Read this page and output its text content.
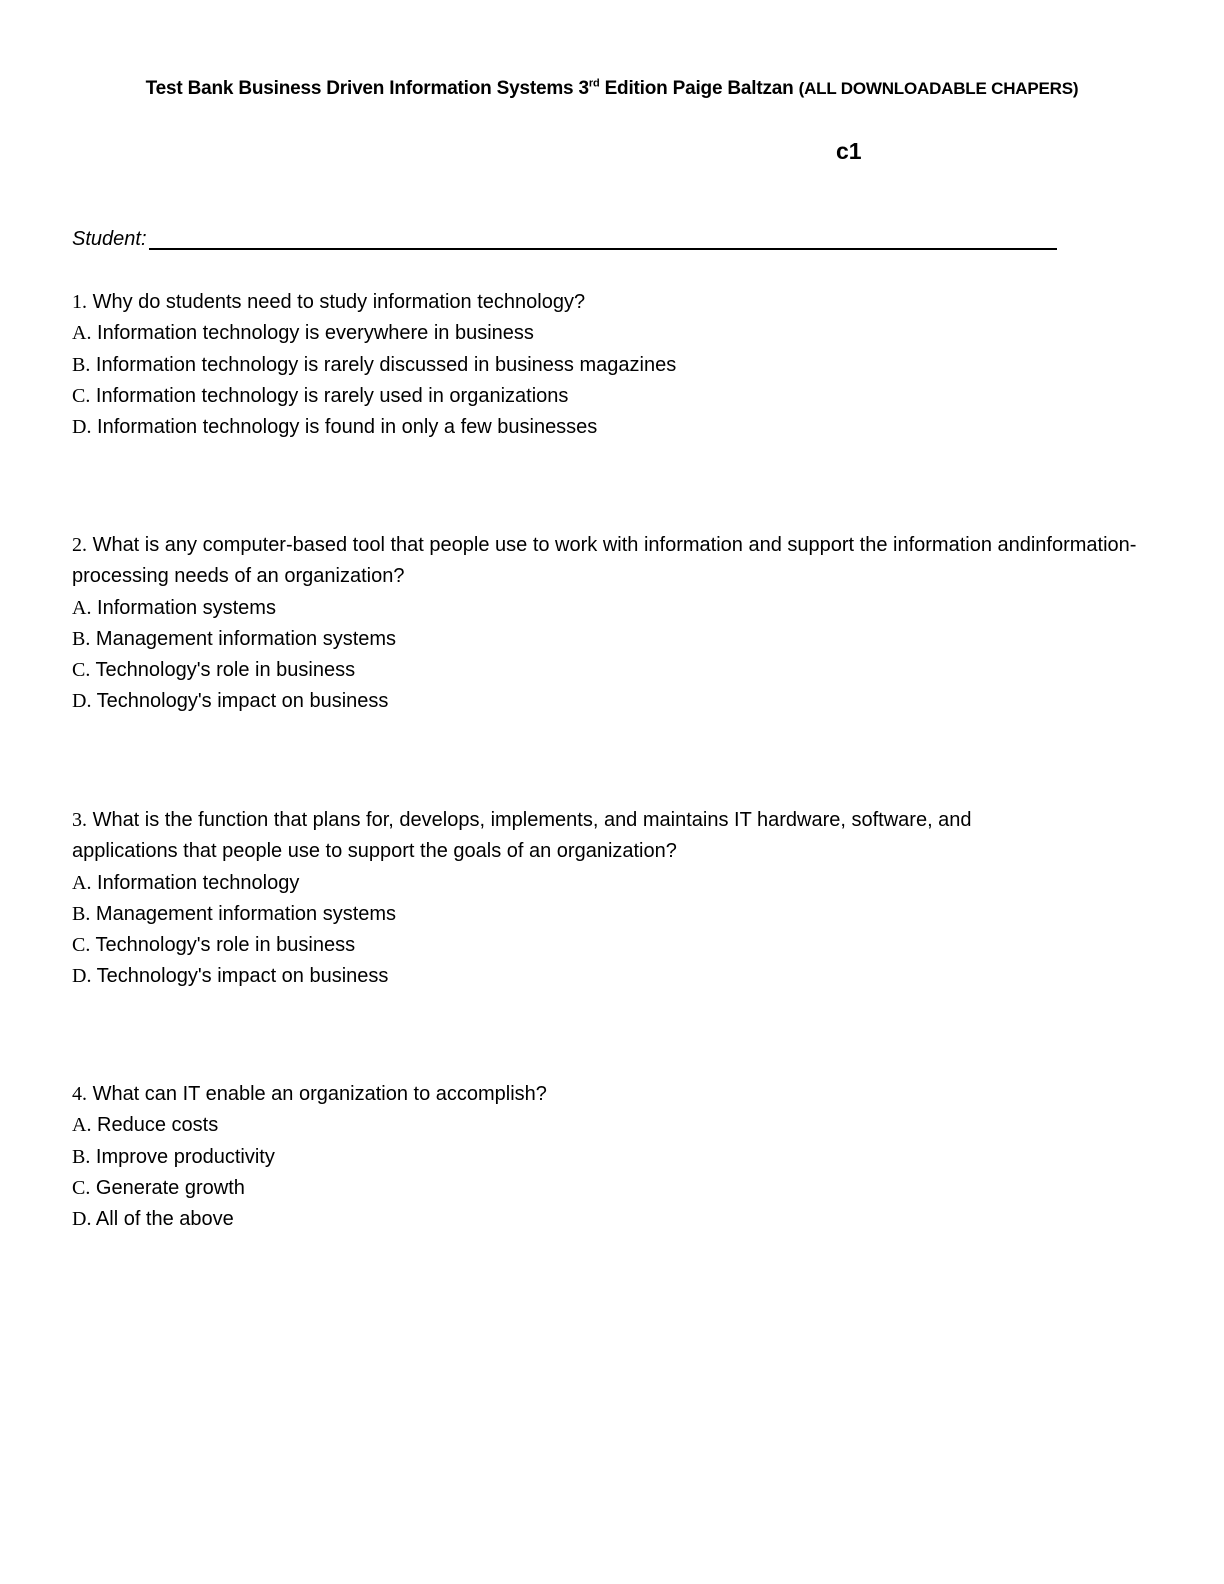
Test Bank Business Driven Information Systems 3rd Edition Paige Baltzan (ALL DOWNLOADABLE CHAPERS)
c1
Student:

1. Why do students need to study information technology?

A. Information technology is everywhere in business

B. Information technology is rarely discussed in business magazines

C. Information technology is rarely used in organizations

D. Information technology is found in only a few businesses

2. What is any computer-based tool that people use to work with information and support the information andinformation-

processing needs of an organization?

A. Information systems

B. Management information systems

C. Technology's role in business

D. Technology's impact on business

3. What is the function that plans for, develops, implements, and maintains IT hardware, software, and

applications that people use to support the goals of an organization?

A. Information technology

B. Management information systems

C. Technology's role in business

D. Technology's impact on business

4. What can IT enable an organization to accomplish?

A. Reduce costs

B. Improve productivity

C. Generate growth

D. All of the above
